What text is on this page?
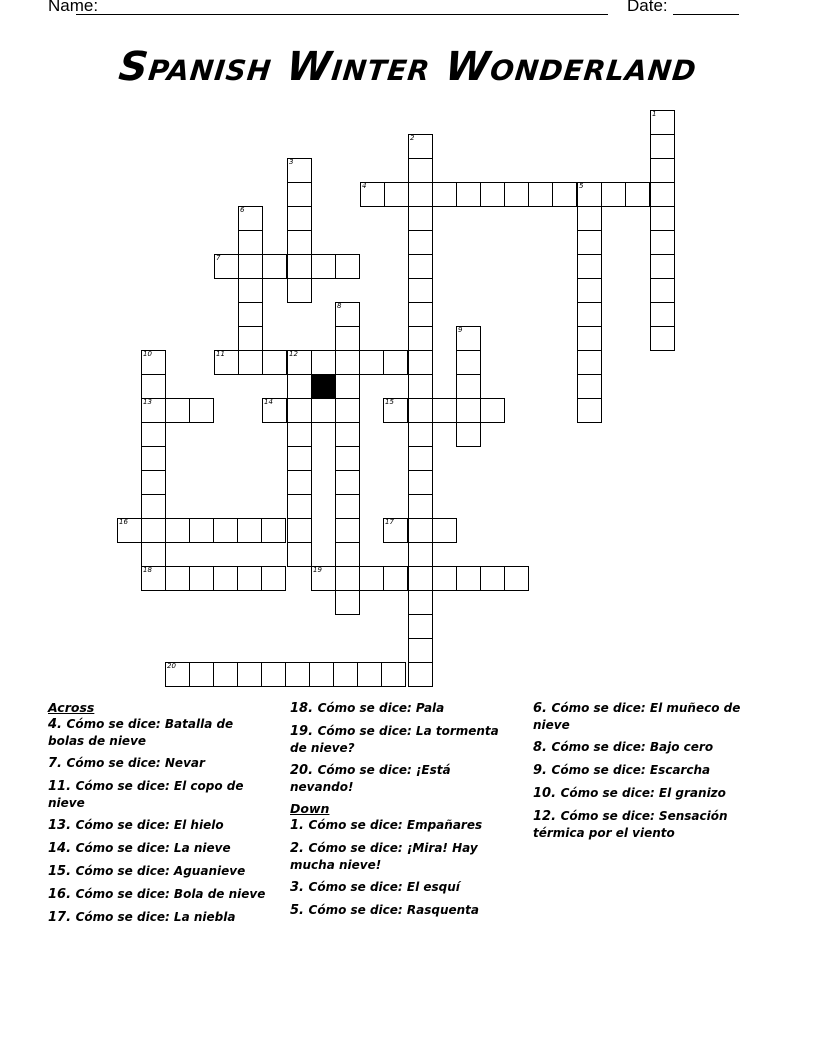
Name:	Date:
Spanish Winter Wonderland
1
2
3
4	5
6
7
8
9
10	11	12
13	14	15
16	17
18	19
20
Across
4. Cómo se dice: Batalla de bolas de nieve
7. Cómo se dice: Nevar
11. Cómo se dice: El copo de nieve
13. Cómo se dice: El hielo
14. Cómo se dice: La nieve
15. Cómo se dice: Aguanieve
16. Cómo se dice: Bola de nieve
17. Cómo se dice: La niebla
18. Cómo se dice: Pala
19. Cómo se dice: La tormenta de nieve?
20. Cómo se dice: ¡Está nevando!
Down
1. Cómo se dice: Empañares
2. Cómo se dice: ¡Mira! Hay mucha nieve!
3. Cómo se dice: El esquí
5. Cómo se dice: Rasquenta
6. Cómo se dice: El muñeco de nieve
8. Cómo se dice: Bajo cero
9. Cómo se dice: Escarcha
10. Cómo se dice: El granizo
12. Cómo se dice: Sensación térmica por el viento
